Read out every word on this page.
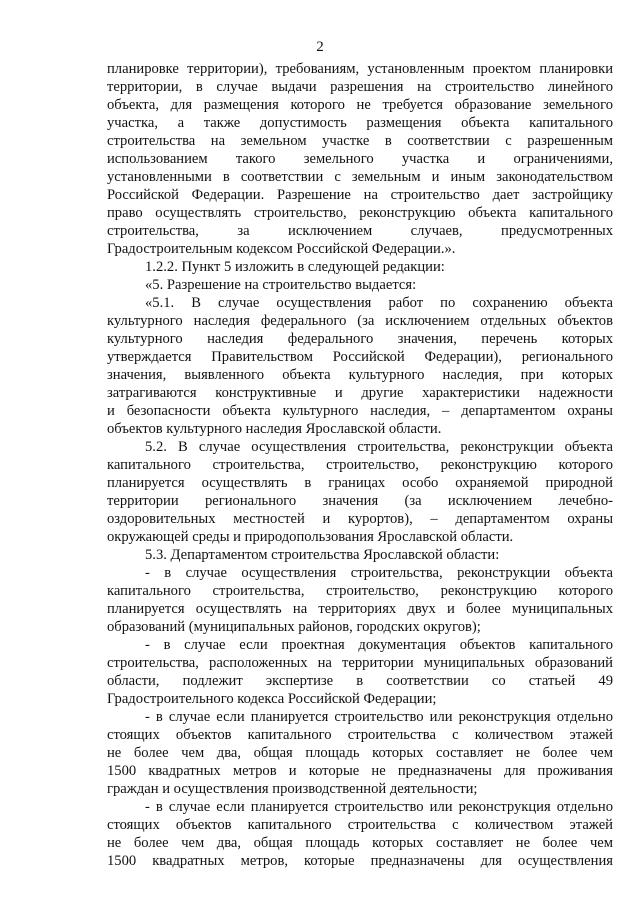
2
планировке территории), требованиям, установленным проектом планировки
территории, в случае выдачи разрешения на строительство линейного
объекта, для размещения которого не требуется образование земельного
участка, а также допустимость размещения объекта капитального
строительства на земельном участке в соответствии с разрешенным
использованием такого земельного участка и ограничениями,
установленными в соответствии с земельным и иным законодательством
Российской Федерации. Разрешение на строительство дает застройщику
право осуществлять строительство, реконструкцию объекта капитального
строительства, за исключением случаев, предусмотренных
Градостроительным кодексом Российской Федерации.».
1.2.2. Пункт 5 изложить в следующей редакции:
«5. Разрешение на строительство выдается:
«5.1. В случае осуществления работ по сохранению объекта
культурного наследия федерального (за исключением отдельных объектов
культурного наследия федерального значения, перечень которых
утверждается Правительством Российской Федерации), регионального
значения, выявленного объекта культурного наследия, при которых
затрагиваются конструктивные и другие характеристики надежности
и безопасности объекта культурного наследия, – департаментом охраны
объектов культурного наследия Ярославской области.
5.2. В случае осуществления строительства, реконструкции объекта
капитального строительства, строительство, реконструкцию которого
планируется осуществлять в границах особо охраняемой природной
территории регионального значения (за исключением лечебно-
оздоровительных местностей и курортов), – департаментом охраны
окружающей среды и природопользования Ярославской области.
5.3. Департаментом строительства Ярославской области:
- в случае осуществления строительства, реконструкции объекта
капитального строительства, строительство, реконструкцию которого
планируется осуществлять на территориях двух и более муниципальных
образований (муниципальных районов, городских округов);
- в случае если проектная документация объектов капитального
строительства, расположенных на территории муниципальных образований
области, подлежит экспертизе в соответствии со статьей 49
Градостроительного кодекса Российской Федерации;
- в случае если планируется строительство или реконструкция отдельно
стоящих объектов капитального строительства с количеством этажей
не более чем два, общая площадь которых составляет не более чем
1500 квадратных метров и которые не предназначены для проживания
граждан и осуществления производственной деятельности;
- в случае если планируется строительство или реконструкция отдельно
стоящих объектов капитального строительства с количеством этажей
не более чем два, общая площадь которых составляет не более чем
1500 квадратных метров, которые предназначены для осуществления
